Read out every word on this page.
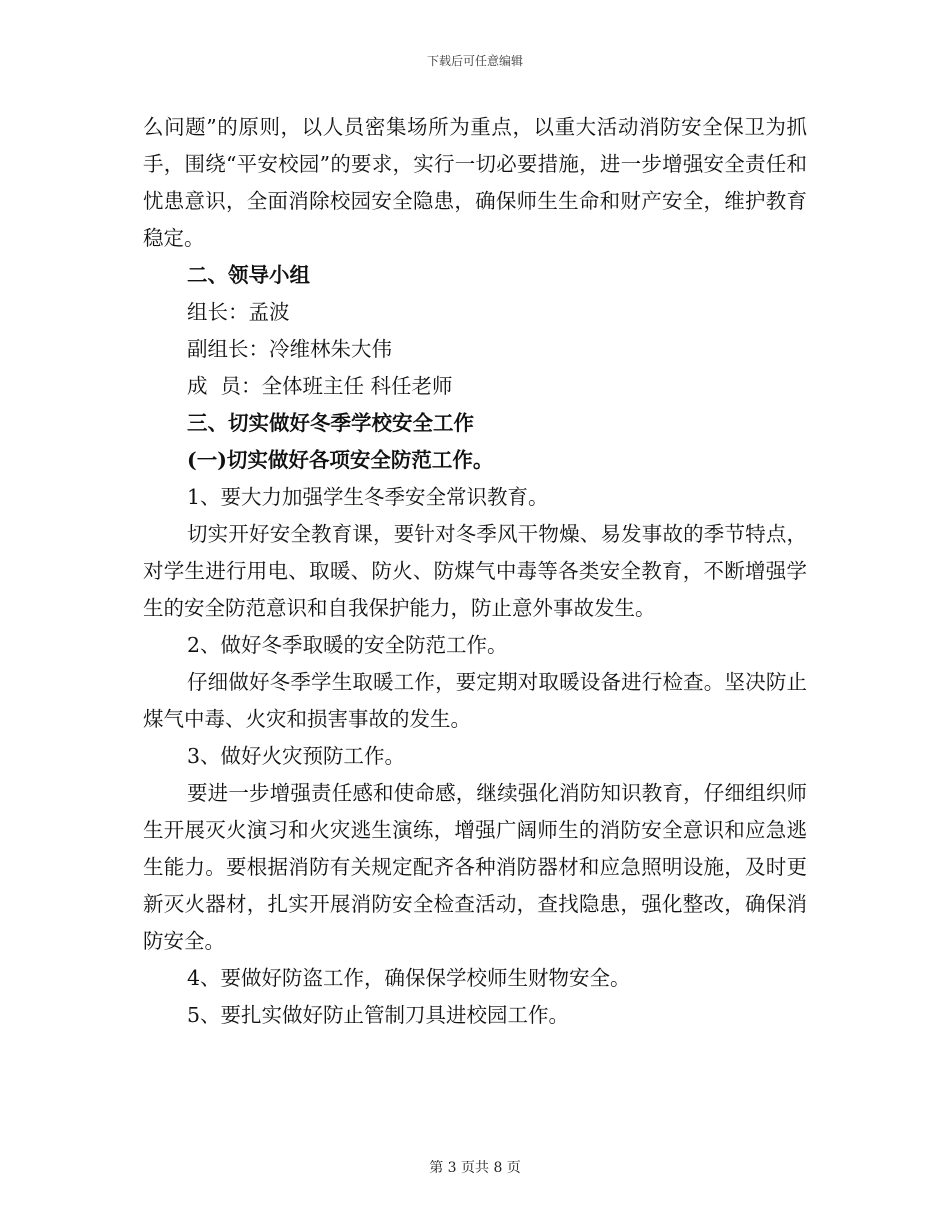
下载后可任意编辑

么问题”的原则，以人员密集场所为重点，以重大活动消防安全保卫为抓手，围绕“平安校园”的要求，实行一切必要措施，进一步增强安全责任和忧患意识，全面消除校园安全隐患，确保师生生命和财产安全，维护教育稳定。

二、领导小组

组长：孟波

副组长：冷维林朱大伟

成  员：全体班主任 科任老师

三、切实做好冬季学校安全工作

(一)切实做好各项安全防范工作。

1、要大力加强学生冬季安全常识教育。

切实开好安全教育课，要针对冬季风干物燥、易发事故的季节特点，对学生进行用电、取暖、防火、防煤气中毒等各类安全教育，不断增强学生的安全防范意识和自我保护能力，防止意外事故发生。

2、做好冬季取暖的安全防范工作。

仔细做好冬季学生取暖工作，要定期对取暖设备进行检查。坚决防止煤气中毒、火灾和损害事故的发生。

3、做好火灾预防工作。

要进一步增强责任感和使命感，继续强化消防知识教育，仔细组织师生开展灭火演习和火灾逃生演练，增强广阔师生的消防安全意识和应急逃生能力。要根据消防有关规定配齐各种消防器材和应急照明设施，及时更新灭火器材，扎实开展消防安全检查活动，查找隐患，强化整改，确保消防安全。

4、要做好防盗工作，确保保学校师生财物安全。

5、要扎实做好防止管制刀具进校园工作。

第 3 页共 8 页
